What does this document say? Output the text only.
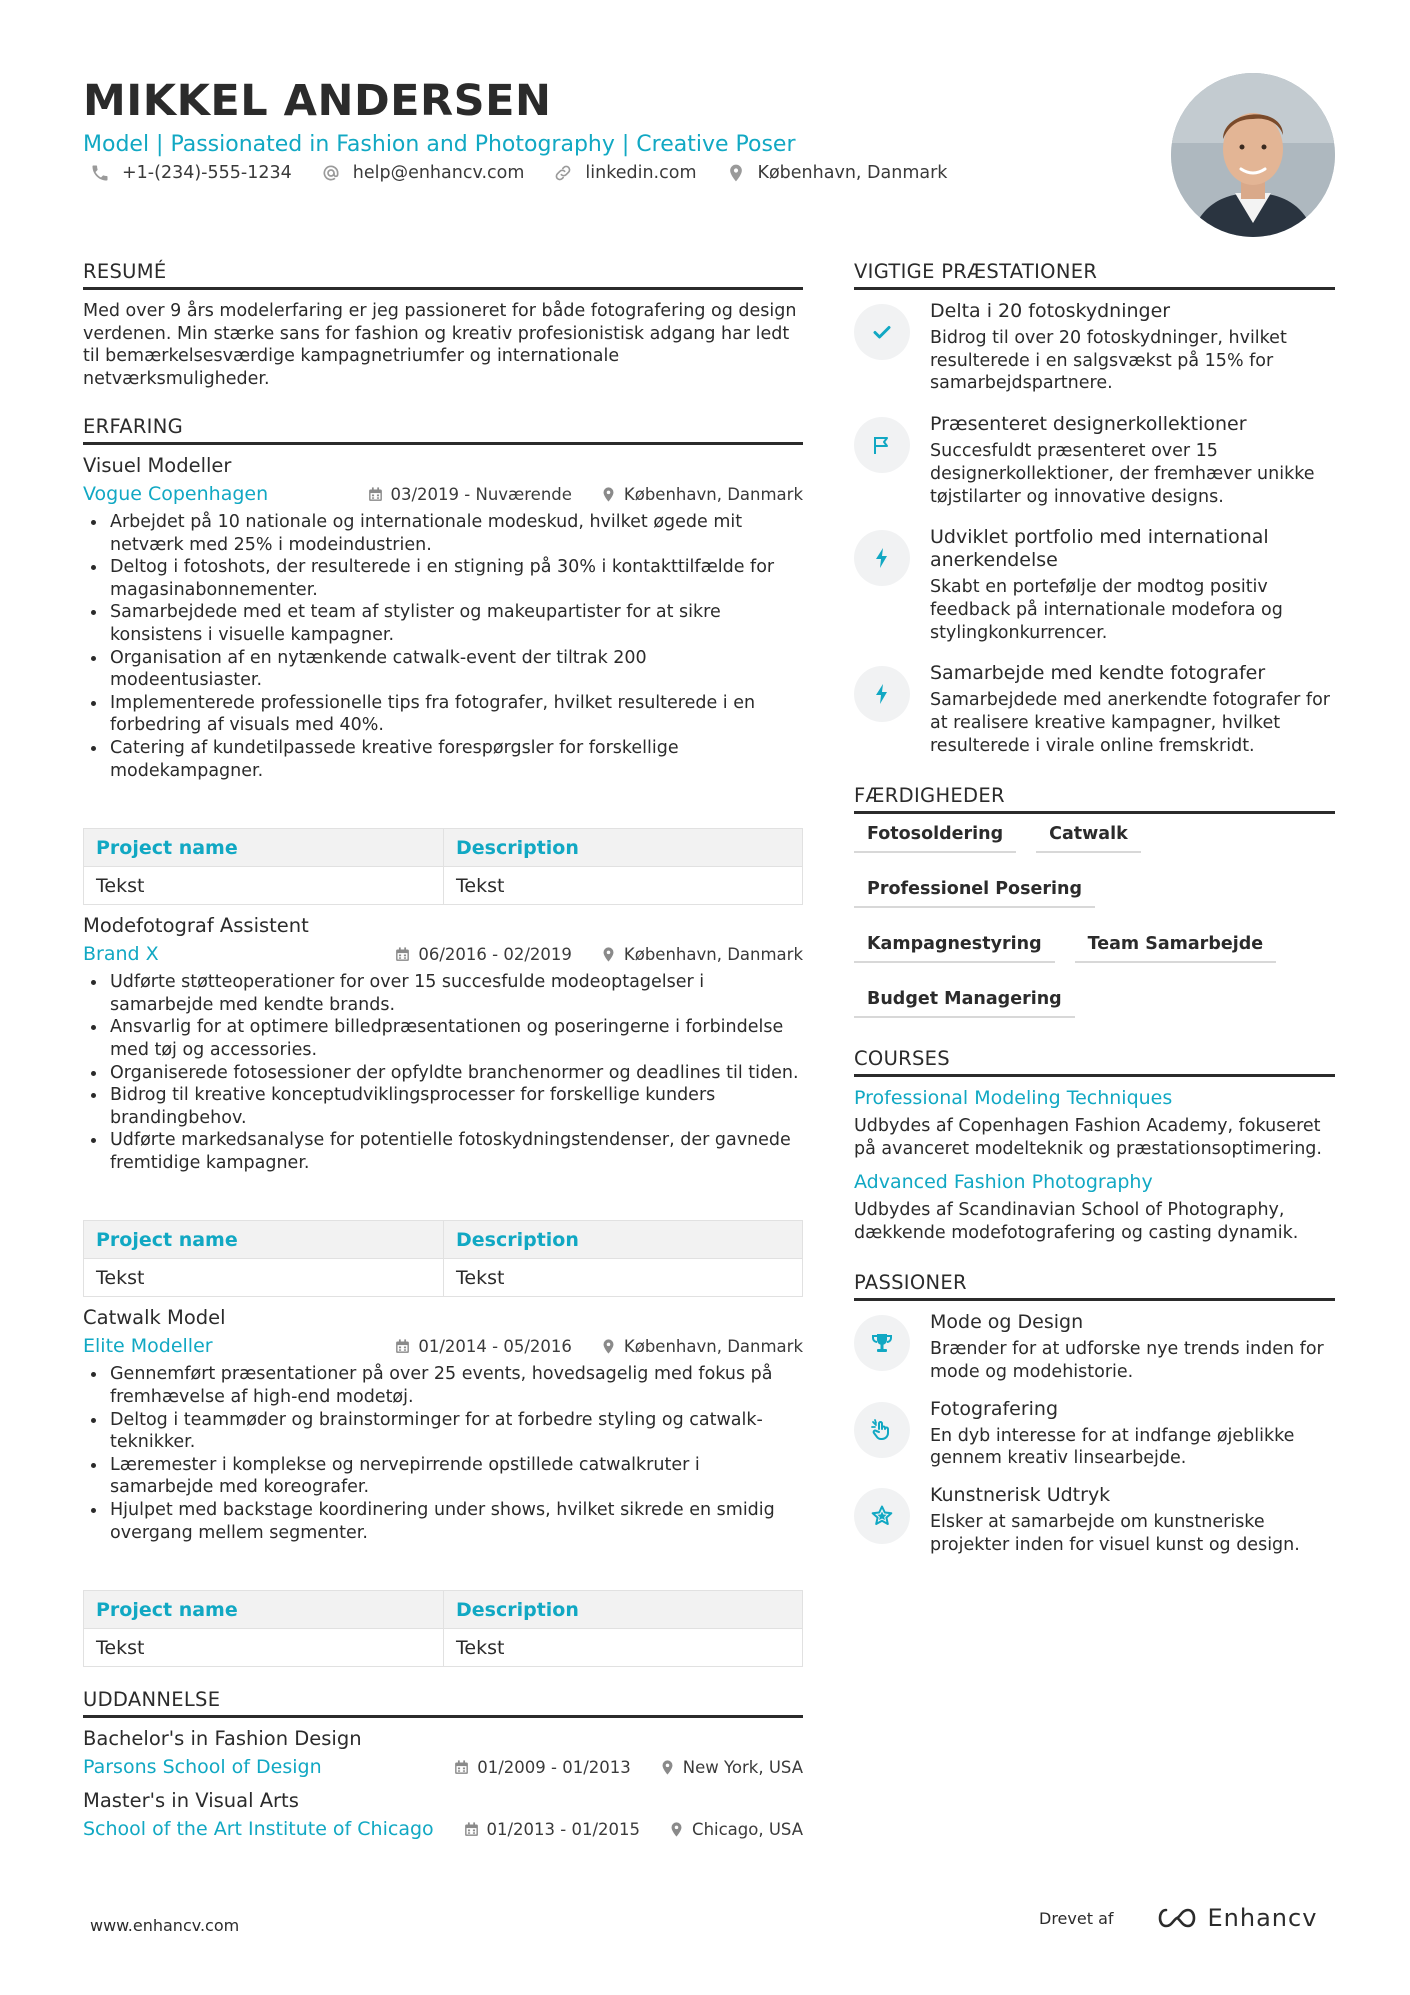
MIKKEL ANDERSEN
Model | Passionated in Fashion and Photography | Creative Poser
+1-(234)-555-1234	help@enhancv.com	linkedin.com	København, Danmark
RESUMÉ
Med over 9 års modelerfaring er jeg passioneret for både fotografering og design verdenen. Min stærke sans for fashion og kreativ profesionistisk adgang har ledt til bemærkelsesværdige kampagnetriumfer og internationale netværksmuligheder.
ERFARING
Visuel Modeller
Vogue Copenhagen	03/2019 - Nuværende	København, Danmark
Arbejdet på 10 nationale og internationale modeskud, hvilket øgede mit netværk med 25% i modeindustrien.
Deltog i fotoshots, der resulterede i en stigning på 30% i kontakttilfælde for magasinabonnementer.
Samarbejdede med et team af stylister og makeupartister for at sikre konsistens i visuelle kampagner.
Organisation af en nytænkende catwalk-event der tiltrak 200 modeentusiaster.
Implementerede professionelle tips fra fotografer, hvilket resulterede i en forbedring af visuals med 40%.
Catering af kundetilpassede kreative forespørgsler for forskellige modekampagner.
Project name	Description
Tekst	Tekst
Modefotograf Assistent
Brand X	06/2016 - 02/2019	København, Danmark
Udførte støtteoperationer for over 15 succesfulde modeoptagelser i samarbejde med kendte brands.
Ansvarlig for at optimere billedpræsentationen og poseringerne i forbindelse med tøj og accessories.
Organiserede fotosessioner der opfyldte branchenormer og deadlines til tiden.
Bidrog til kreative konceptudviklingsprocesser for forskellige kunders brandingbehov.
Udførte markedsanalyse for potentielle fotoskydningstendenser, der gavnede fremtidige kampagner.
Project name	Description
Tekst	Tekst
Catwalk Model
Elite Modeller	01/2014 - 05/2016	København, Danmark
Gennemført præsentationer på over 25 events, hovedsagelig med fokus på fremhævelse af high-end modetøj.
Deltog i teammøder og brainstorminger for at forbedre styling og catwalk-teknikker.
Læremester i komplekse og nervepirrende opstillede catwalkruter i samarbejde med koreografer.
Hjulpet med backstage koordinering under shows, hvilket sikrede en smidig overgang mellem segmenter.
Project name	Description
Tekst	Tekst
UDDANNELSE
Bachelor's in Fashion Design
Parsons School of Design	01/2009 - 01/2013	New York, USA
Master's in Visual Arts
School of the Art Institute of Chicago	01/2013 - 01/2015	Chicago, USA
VIGTIGE PRÆSTATIONER
Delta i 20 fotoskydninger
Bidrog til over 20 fotoskydninger, hvilket resulterede i en salgsvækst på 15% for samarbejdspartnere.
Præsenteret designerkollektioner
Succesfuldt præsenteret over 15 designerkollektioner, der fremhæver unikke tøjstilarter og innovative designs.
Udviklet portfolio med international anerkendelse
Skabt en portefølje der modtog positiv feedback på internationale modefora og stylingkonkurrencer.
Samarbejde med kendte fotografer
Samarbejdede med anerkendte fotografer for at realisere kreative kampagner, hvilket resulterede i virale online fremskridt.
FÆRDIGHEDER
Fotosoldering	Catwalk
Professionel Posering
Kampagnestyring	Team Samarbejde
Budget Managering
COURSES
Professional Modeling Techniques
Udbydes af Copenhagen Fashion Academy, fokuseret på avanceret modelteknik og præstationsoptimering.
Advanced Fashion Photography
Udbydes af Scandinavian School of Photography, dækkende modefotografering og casting dynamik.
PASSIONER
Mode og Design
Brænder for at udforske nye trends inden for mode og modehistorie.
Fotografering
En dyb interesse for at indfange øjeblikke gennem kreativ linsearbejde.
Kunstnerisk Udtryk
Elsker at samarbejde om kunstneriske projekter inden for visuel kunst og design.
www.enhancv.com	Drevet af	Enhancv
